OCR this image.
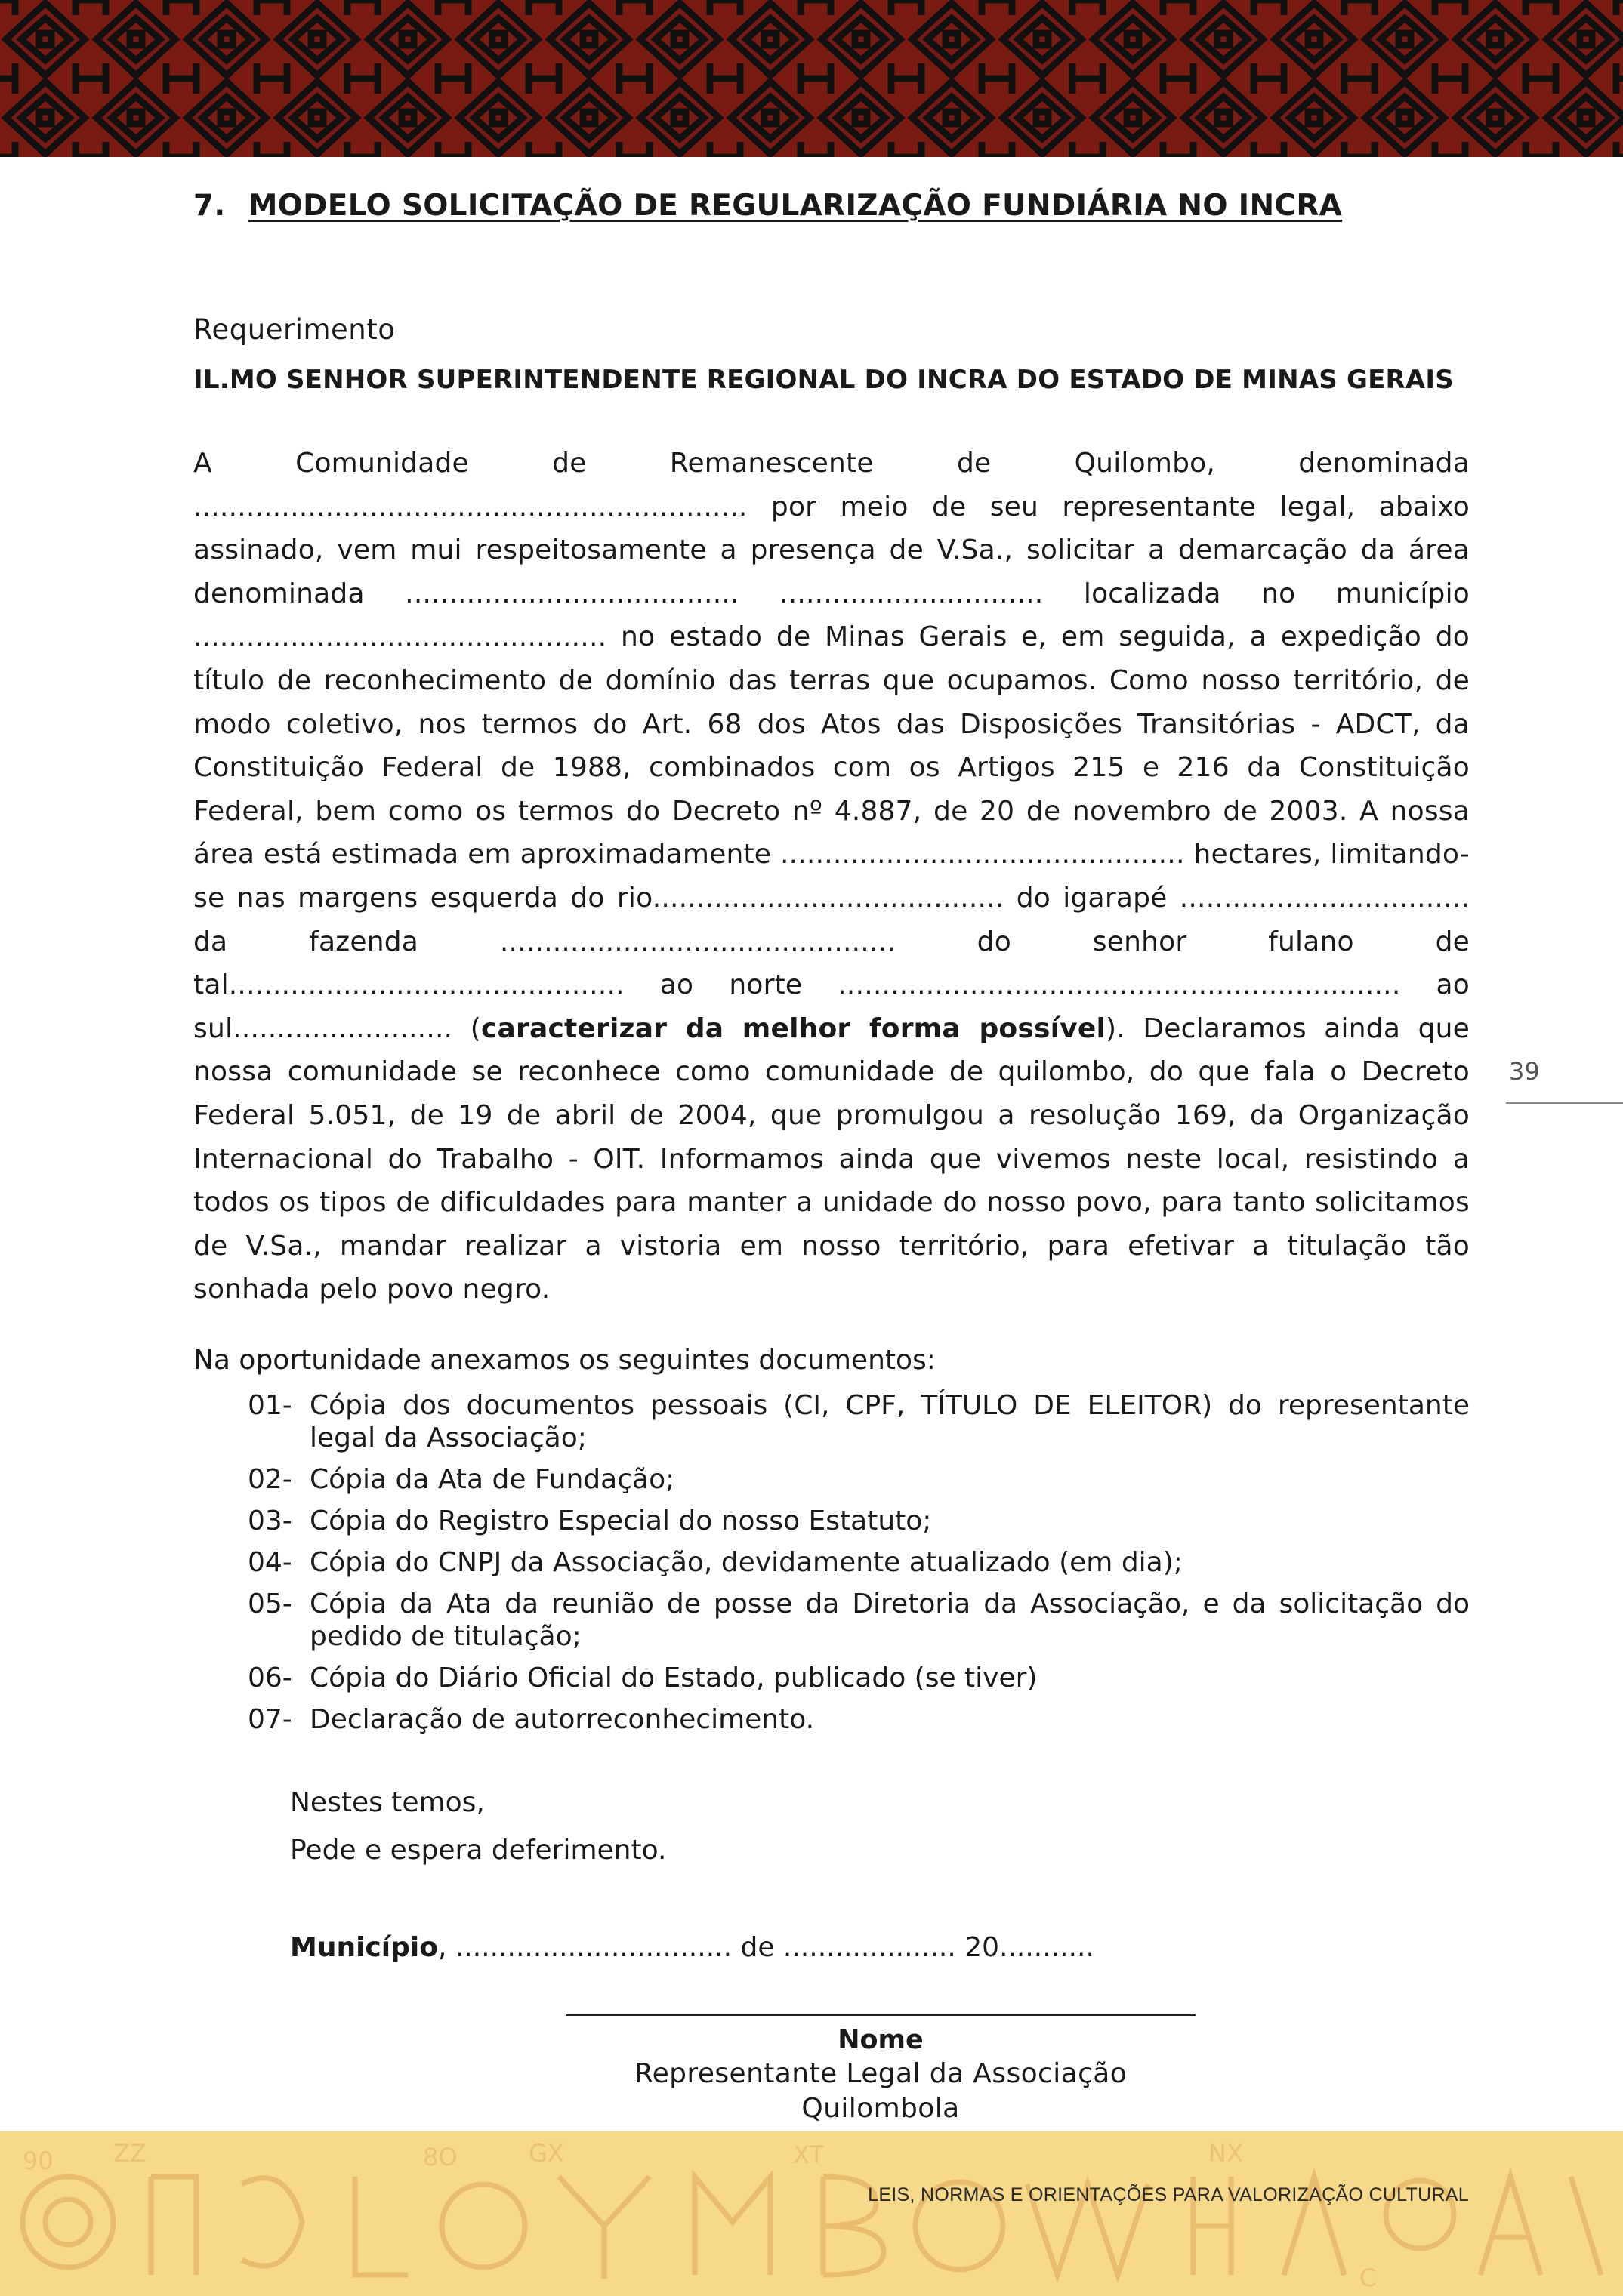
7. MODELO SOLICITAÇÃO DE REGULARIZAÇÃO FUNDIÁRIA NO INCRA
Requerimento
IL.MO SENHOR SUPERINTENDENTE REGIONAL DO INCRA DO ESTADO DE MINAS GERAIS

A Comunidade de Remanescente de Quilombo, denominada ............................................................... por meio de seu representante legal, abaixo assinado, vem mui respeitosamente a presença de V.Sa., solicitar a demarcação da área denominada ...................................... .............................. localizada no município ............................................... no estado de Minas Gerais e, em seguida, a expedição do título de reconhecimento de domínio das terras que ocupamos. Como nosso território, de modo coletivo, nos termos do Art. 68 dos Atos das Disposições Transitórias - ADCT, da Constituição Federal de 1988, combinados com os Artigos 215 e 216 da Constituição Federal, bem como os termos do Decreto nº 4.887, de 20 de novembro de 2003. A nossa área está estimada em aproximadamente .............................................. hectares, limitando-se nas margens esquerda do rio........................................ do igarapé ................................. da fazenda ............................................. do senhor fulano de tal............................................. ao norte ................................................................ ao sul......................... (caracterizar da melhor forma possível). Declaramos ainda que nossa comunidade se reconhece como comunidade de quilombo, do que fala o Decreto Federal 5.051, de 19 de abril de 2004, que promulgou a resolução 169, da Organização Internacional do Trabalho - OIT. Informamos ainda que vivemos neste local, resistindo a todos os tipos de dificuldades para manter a unidade do nosso povo, para tanto solicitamos de V.Sa., mandar realizar a vistoria em nosso território, para efetivar a titulação tão sonhada pelo povo negro.

Na oportunidade anexamos os seguintes documentos:

01- Cópia dos documentos pessoais (CI, CPF, TÍTULO DE ELEITOR) do representante legal da Associação;
02- Cópia da Ata de Fundação;
03- Cópia do Registro Especial do nosso Estatuto;
04- Cópia do CNPJ da Associação, devidamente atualizado (em dia);
05- Cópia da Ata da reunião de posse da Diretoria da Associação, e da solicitação do pedido de titulação;
06- Cópia do Diário Oficial do Estado, publicado (se tiver)
07- Declaração de autorreconhecimento.

Nestes temos,

Pede e espera deferimento.

Município, ................................ de .................... 20...........

Nome
Representante Legal da Associação Quilombola
39
90 ZZ	8O	GX	XT	NX
C
LEIS, NORMAS E ORIENTAÇÕES PARA VALORIZAÇÃO CULTURAL
